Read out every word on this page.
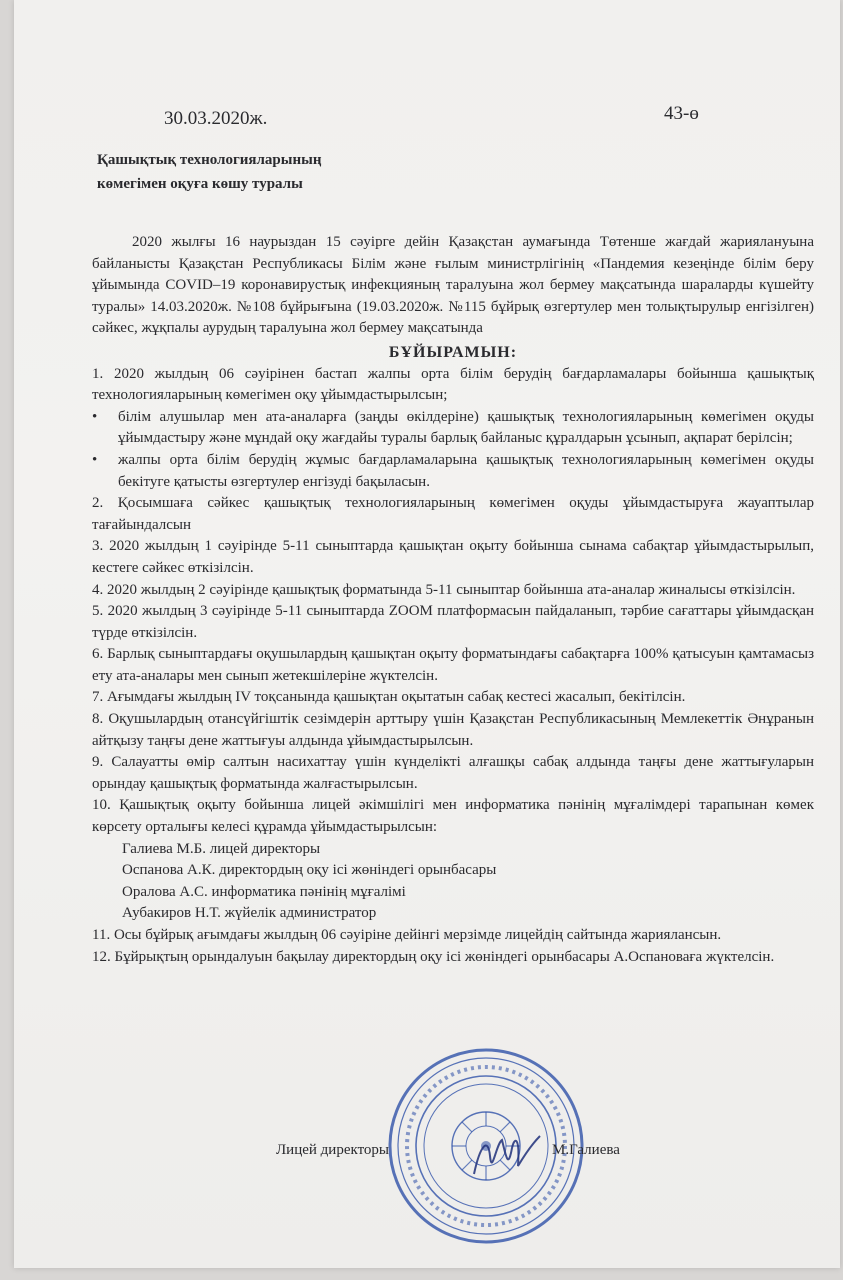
30.03.2020ж.	43-ө
Қашықтық технологияларының
көмегімен оқуға көшу туралы

2020 жылғы 16 наурыздан 15 сәуірге дейін Қазақстан аумағында Төтенше жағдай жариялануына байланысты Қазақстан Республикасы Білім және ғылым министрлігінің «Пандемия кезеңінде білім беру ұйымында COVID–19 коронавирустық инфекцияның таралуына жол бермеу мақсатында шараларды күшейту туралы» 14.03.2020ж. №108 бұйрығына (19.03.2020ж. №115 бұйрық өзгертулер мен толықтырулыр енгізілген) сәйкес, жұқпалы аурудың таралуына жол бермеу мақсатында

БҰЙЫРАМЫН:

1. 2020 жылдың 06 сәуірінен бастап жалпы орта білім берудің бағдарламалары бойынша қашықтық технологияларының көмегімен оқу ұйымдастырылсын;

• білім алушылар мен ата-аналарға (заңды өкілдеріне) қашықтық технологияларының көмегімен оқуды ұйымдастыру және мұндай оқу жағдайы туралы барлық байланыс құралдарын ұсынып, ақпарат берілсін;

• жалпы орта білім берудің жұмыс бағдарламаларына қашықтық технологияларының көмегімен оқуды бекітуге қатысты өзгертулер енгізуді бақыласын.

2. Қосымшаға сәйкес қашықтық технологияларының көмегімен оқуды ұйымдастыруға жауаптылар тағайындалсын

3. 2020 жылдың 1 сәуірінде 5-11 сыныптарда қашықтан оқыту бойынша сынама сабақтар ұйымдастырылып, кестеге сәйкес өткізілсін.

4. 2020 жылдың 2 сәуірінде қашықтық форматында 5-11 сыныптар бойынша ата-аналар жиналысы өткізілсін.

5. 2020 жылдың 3 сәуірінде 5-11 сыныптарда ZOOM платформасын пайдаланып, тәрбие сағаттары ұйымдасқан түрде өткізілсін.

6. Барлық сыныптардағы оқушылардың қашықтан оқыту форматындағы сабақтарға 100% қатысуын қамтамасыз ету ата-аналары мен сынып жетекшілеріне жүктелсін.

7. Ағымдағы жылдың IV тоқсанында қашықтан оқытатын сабақ кестесі жасалып, бекітілсін.

8. Оқушылардың отансүйгіштік сезімдерін арттыру үшін Қазақстан Республикасының Мемлекеттік Әнұранын айтқызу таңғы дене жаттығуы алдында ұйымдастырылсын.

9. Салауатты өмір салтын насихаттау үшін күнделікті алғашқы сабақ алдында таңғы дене жаттығуларын орындау қашықтық форматында жалғастырылсын.

10. Қашықтық оқыту бойынша лицей әкімшілігі мен информатика пәнінің мұғалімдері тарапынан көмек көрсету орталығы келесі құрамда ұйымдастырылсын:

Галиева М.Б. лицей директоры

Оспанова А.К. директордың оқу ісі жөніндегі орынбасары

Оралова А.С. информатика пәнінің мұғалімі

Аубакиров Н.Т. жүйелік администратор

11. Осы бұйрық ағымдағы жылдың 06 сәуіріне дейінгі мерзімде лицейдің сайтында жариялансын.

12. Бұйрықтың орындалуын бақылау директордың оқу ісі жөніндегі орынбасары А.Оспановаға жүктелсін.

Лицей директоры	М.Галиева
